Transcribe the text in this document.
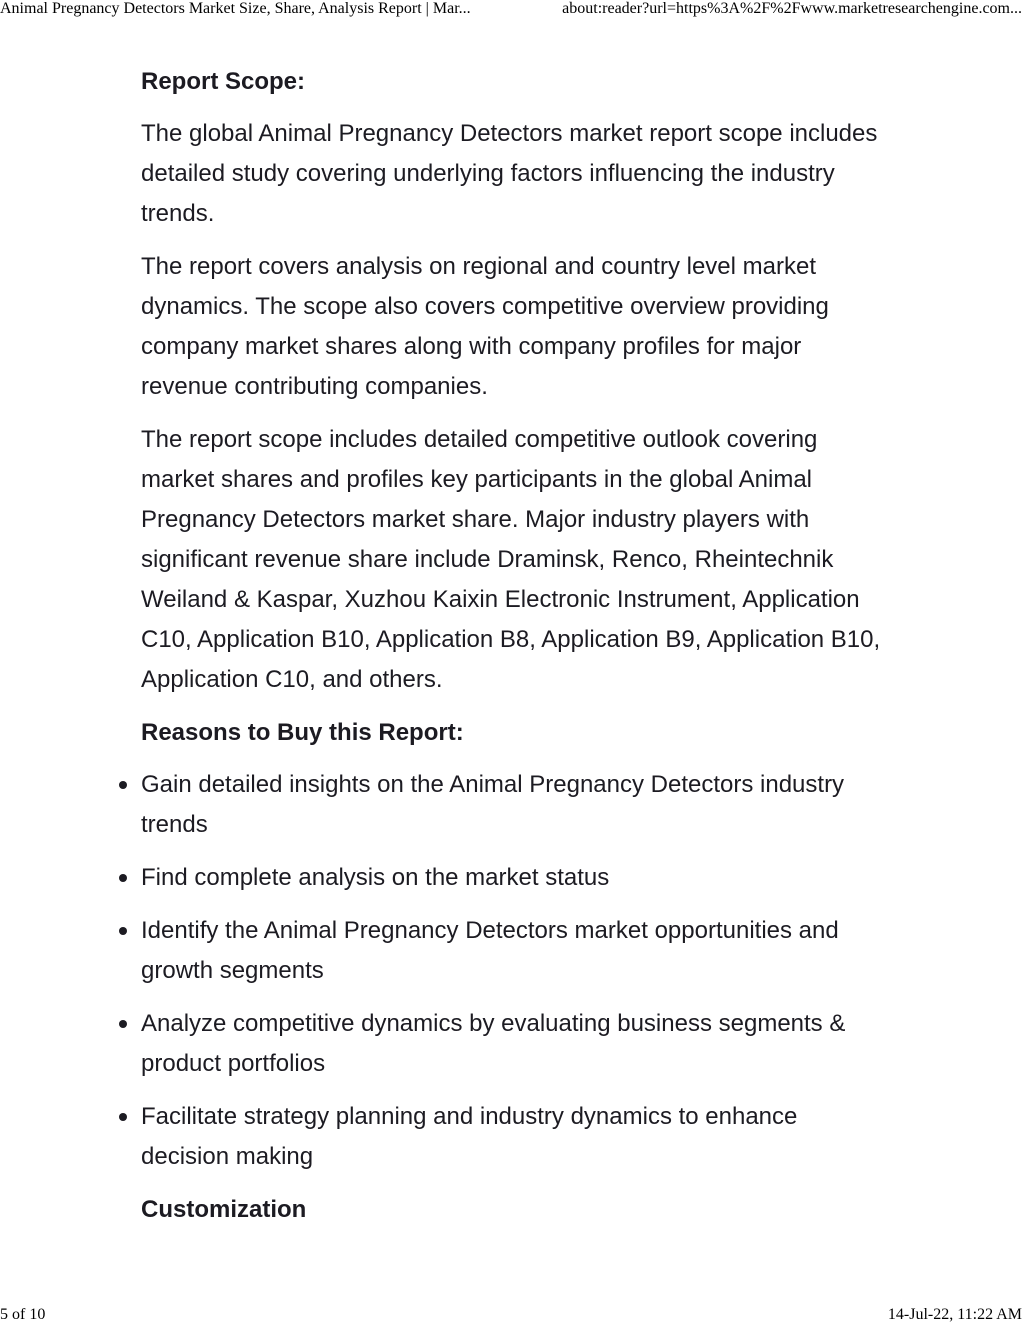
Animal Pregnancy Detectors Market Size, Share, Analysis Report | Mar...	about:reader?url=https%3A%2F%2Fwww.marketresearchengine.com...
Report Scope:

The global Animal Pregnancy Detectors market report scope includes detailed study covering underlying factors influencing the industry trends.

The report covers analysis on regional and country level market dynamics. The scope also covers competitive overview providing company market shares along with company profiles for major revenue contributing companies.

The report scope includes detailed competitive outlook covering market shares and profiles key participants in the global Animal Pregnancy Detectors market share. Major industry players with significant revenue share include Draminsk, Renco, Rheintechnik Weiland & Kaspar, Xuzhou Kaixin Electronic Instrument, Application C10, Application B10, Application B8, Application B9, Application B10, Application C10, and others.

Reasons to Buy this Report:
Gain detailed insights on the Animal Pregnancy Detectors industry trends
Find complete analysis on the market status
Identify the Animal Pregnancy Detectors market opportunities and growth segments
Analyze competitive dynamics by evaluating business segments & product portfolios
Facilitate strategy planning and industry dynamics to enhance decision making
Customization
5 of 10	14-Jul-22, 11:22 AM
